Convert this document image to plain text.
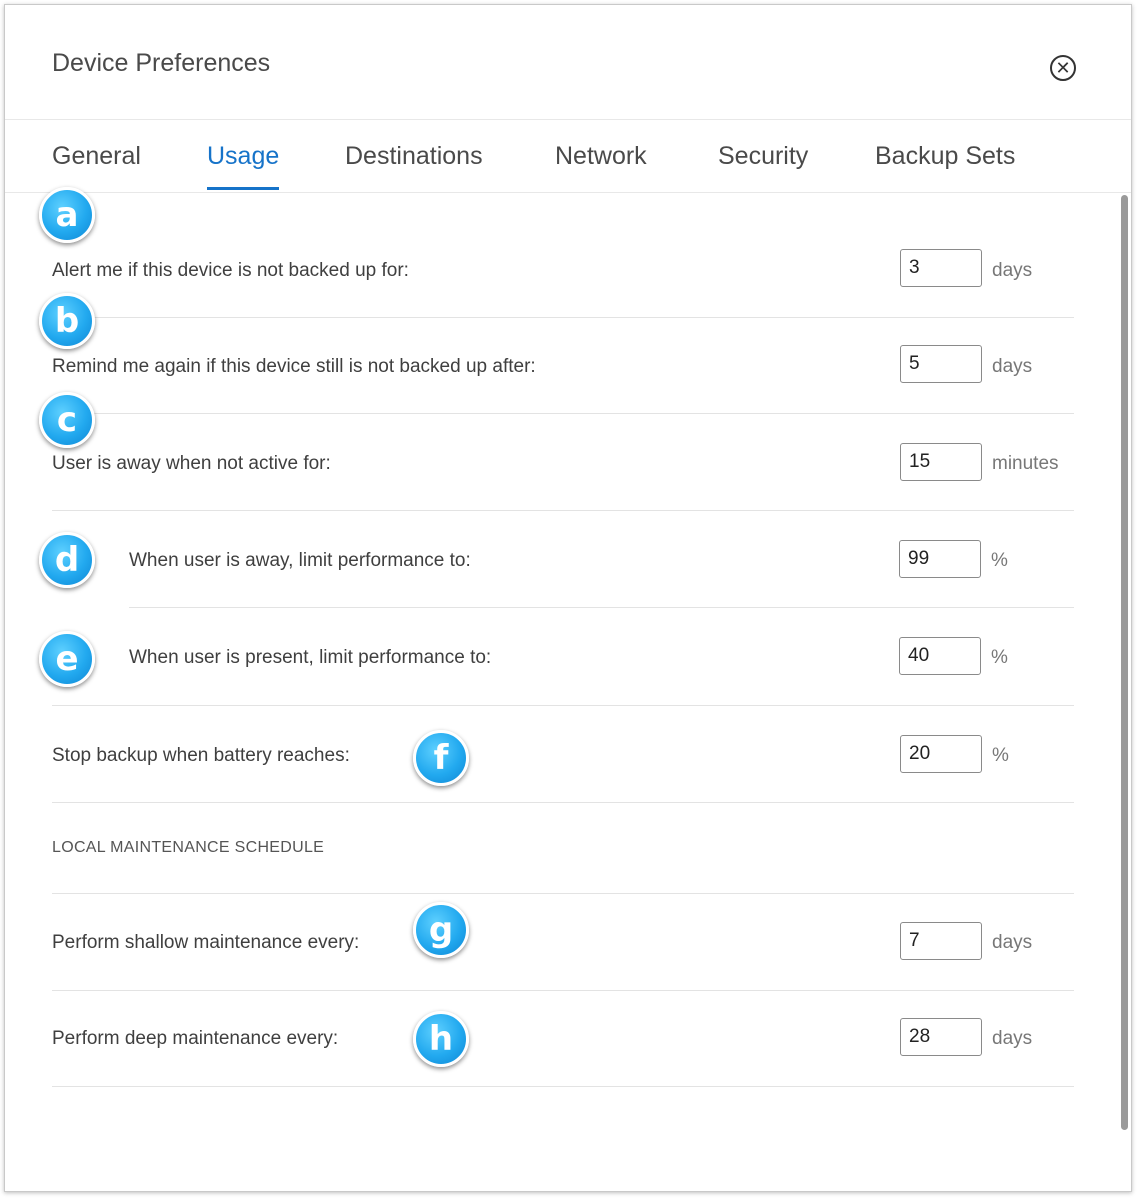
Device Preferences	✕
General	Usage	Destinations	Network	Security	Backup Sets
Alert me if this device is not backed up for:
3	days
Remind me again if this device still is not backed up after:
5	days
User is away when not active for:
15	minutes
When user is away, limit performance to:
99	%
When user is present, limit performance to:
40	%
Stop backup when battery reaches:
20	%
LOCAL MAINTENANCE SCHEDULE
Perform shallow maintenance every:
7	days
Perform deep maintenance every:
28	days
a
b
c
d
e
f
g
h
